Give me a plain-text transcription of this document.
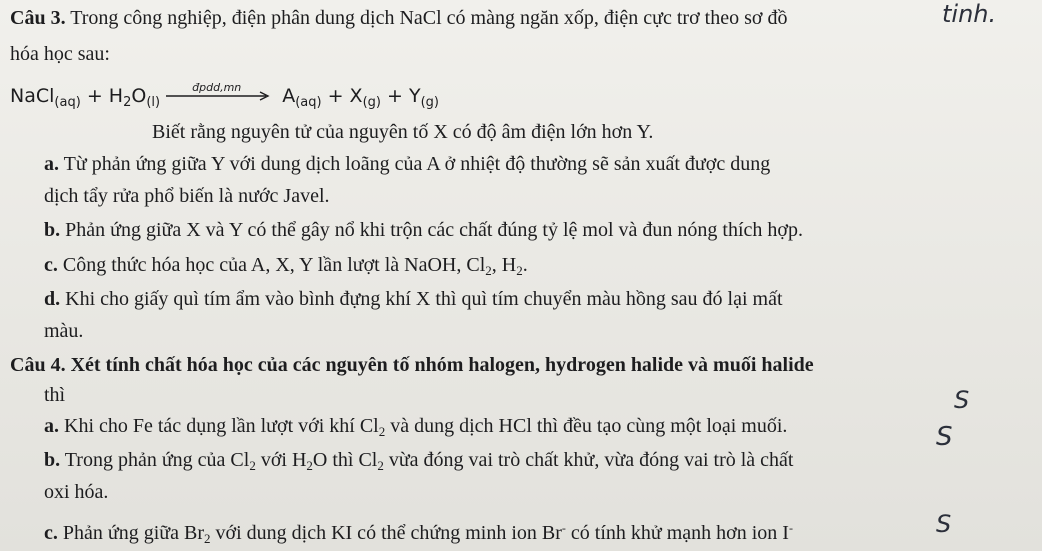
Câu 3. Trong công nghiệp, điện phân dung dịch NaCl có màng ngăn xốp, điện cực trơ theo sơ đồ
hóa học sau:
NaCl$_{(aq)}$ + $H_2O_{(l)}$
đpdd,mn $A_{(aq)} + X_{(g)} + Y_{(g)}$
Biết rằng nguyên tử của nguyên tố X có độ âm điện lớn hơn Y.
a. Từ phản ứng giữa Y với dung dịch loãng của A ở nhiệt độ thường sẽ sản xuất được dung
dịch tẩy rửa phổ biến là nước Javel.
b. Phản ứng giữa X và Y có thể gây nổ khi trộn các chất đúng tỷ lệ mol và đun nóng thích hợp.
c. Công thức hóa học của A, X, Y lần lượt là NaOH, $Cl_2$, $H_2$.
d. Khi cho giấy quì tím ẩm vào bình đựng khí X thì quì tím chuyển màu hồng sau đó lại mất
màu.
Câu 4. Xét tính chất hóa học của các nguyên tố nhóm halogen, hydrogen halide và muối halide
thì
a. Khi cho Fe tác dụng lần lượt với khí $Cl_2$ và dung dịch HCl thì đều tạo cùng một loại muối.
b. Trong phản ứng của $Cl_2$ với $H_2O$ thì $Cl_2$ vừa đóng vai trò chất khử, vừa đóng vai trò là chất
oxi hóa.
c. Phản ứng giữa $Br_2$ với dung dịch KI có thể chứng minh ion Br- có tính khử mạnh hơn ion I-
tinh.
S
S
S
